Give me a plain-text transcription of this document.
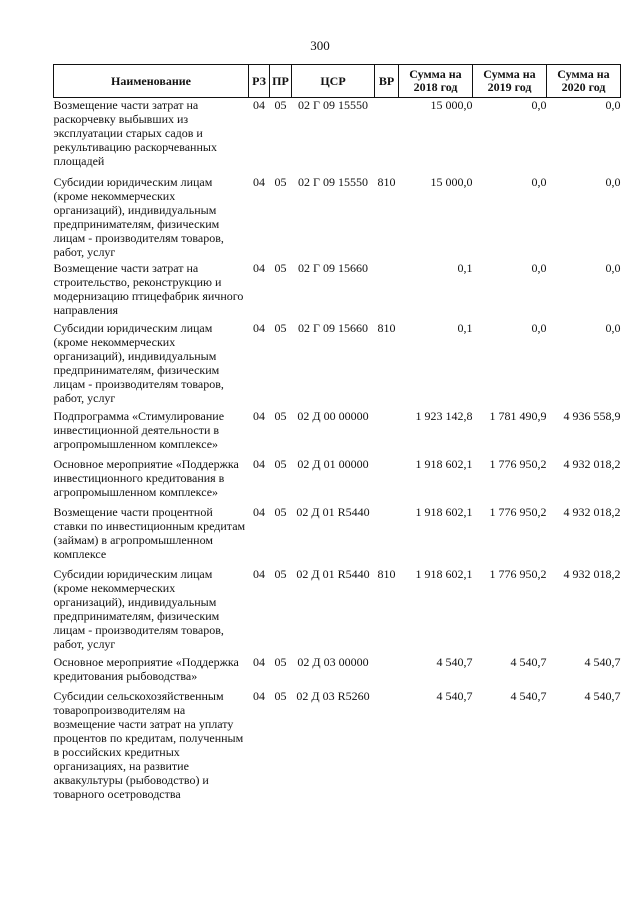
300
Наименование	РЗ	ПР	ЦСР	ВР	Сумма на 2018 год	Сумма на 2019 год	Сумма на 2020 год
Возмещение части затрат на раскорчевку выбывших из эксплуатации старых садов и рекультивацию раскорчеванных площадей	04	05	02 Г 09 15550		15 000,0	0,0	0,0
Субсидии юридическим лицам (кроме некоммерческих организаций), индивидуальным предпринимателям, физическим лицам - производителям товаров, работ, услуг	04	05	02 Г 09 15550	810	15 000,0	0,0	0,0
Возмещение части затрат на строительство, реконструкцию и модернизацию птицефабрик яичного направления	04	05	02 Г 09 15660		0,1	0,0	0,0
Субсидии юридическим лицам (кроме некоммерческих организаций), индивидуальным предпринимателям, физическим лицам - производителям товаров, работ, услуг	04	05	02 Г 09 15660	810	0,1	0,0	0,0
Подпрограмма «Стимулирование инвестиционной деятельности в агропромышленном комплексе»	04	05	02 Д 00 00000		1 923 142,8	1 781 490,9	4 936 558,9
Основное мероприятие «Поддержка инвестиционного кредитования в агропромышленном комплексе»	04	05	02 Д 01 00000		1 918 602,1	1 776 950,2	4 932 018,2
Возмещение части процентной ставки по инвестиционным кредитам (займам) в агропромышленном комплексе	04	05	02 Д 01 R5440		1 918 602,1	1 776 950,2	4 932 018,2
Субсидии юридическим лицам (кроме некоммерческих организаций), индивидуальным предпринимателям, физическим лицам - производителям товаров, работ, услуг	04	05	02 Д 01 R5440	810	1 918 602,1	1 776 950,2	4 932 018,2
Основное мероприятие «Поддержка кредитования рыбоводства»	04	05	02 Д 03 00000		4 540,7	4 540,7	4 540,7
Субсидии сельскохозяйственным товаропроизводителям на возмещение части затрат на уплату процентов по кредитам, полученным в российских кредитных организациях, на развитие аквакультуры (рыбоводство) и товарного осетроводства	04	05	02 Д 03 R5260		4 540,7	4 540,7	4 540,7
